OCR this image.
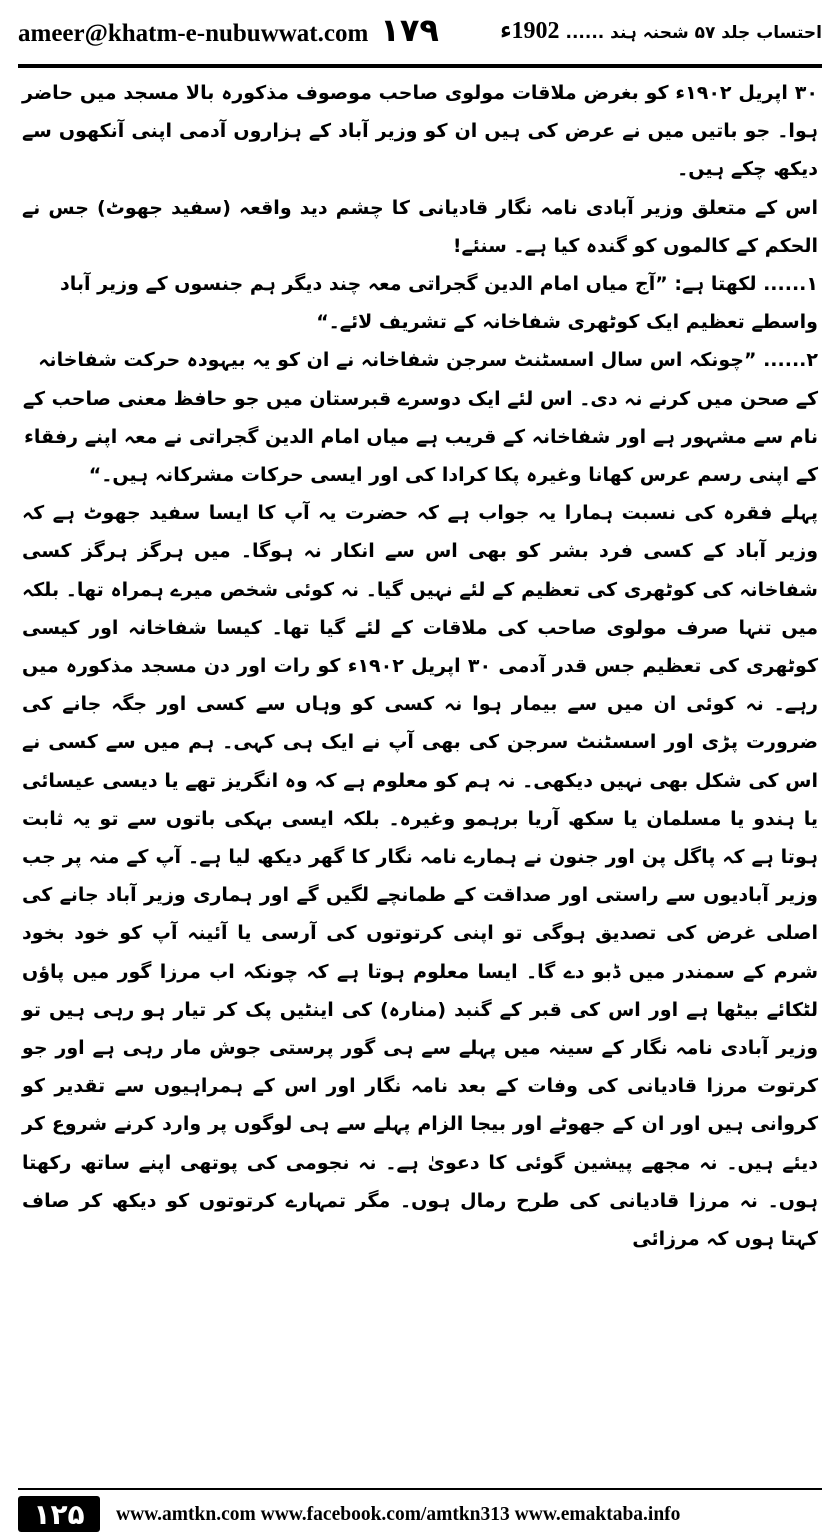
ameer@khatm-e-nubuwwat.com ۱۷۹	احتساب جلد ۵۷ شحنہ ہند ......
1902ء

۳۰ اپریل ۱۹۰۲ء کو بغرض ملاقات مولوی صاحب موصوف مذکورہ بالا مسجد میں حاضر ہوا۔ جو باتیں میں نے عرض کی ہیں ان کو وزیر آباد کے ہزاروں آدمی اپنی آنکھوں سے دیکھ چکے ہیں۔

اس کے متعلق وزیر آبادی نامہ نگار قادیانی کا چشم دید واقعہ (سفید جھوٹ) جس نے الحکم کے کالموں کو گندہ کیا ہے۔ سنئے!

۱...... لکھتا ہے: ”آج میاں امام الدین گجراتی معہ چند دیگر ہم جنسوں کے وزیر آباد واسطے تعظیم ایک کوٹھری شفاخانہ کے تشریف لائے۔“

۲...... ”چونکہ اس سال اسسٹنٹ سرجن شفاخانہ نے ان کو یہ بیہودہ حرکت شفاخانہ کے صحن میں کرنے نہ دی۔ اس لئے ایک دوسرے قبرستان میں جو حافظ معنی صاحب کے نام سے مشہور ہے اور شفاخانہ کے قریب ہے میاں امام الدین گجراتی نے معہ اپنے رفقاء کے اپنی رسم عرس کھانا وغیرہ پکا کرادا کی اور ایسی حرکات مشرکانہ ہیں۔“

پہلے فقرہ کی نسبت ہمارا یہ جواب ہے کہ حضرت یہ آپ کا ایسا سفید جھوٹ ہے کہ وزیر آباد کے کسی فرد بشر کو بھی اس سے انکار نہ ہوگا۔ میں ہرگز ہرگز کسی شفاخانہ کی کوٹھری کی تعظیم کے لئے نہیں گیا۔ نہ کوئی شخص میرے ہمراہ تھا۔ بلکہ میں تنہا صرف مولوی صاحب کی ملاقات کے لئے گیا تھا۔ کیسا شفاخانہ اور کیسی کوٹھری کی تعظیم جس قدر آدمی ۳۰ اپریل ۱۹۰۲ء کو رات اور دن مسجد مذکورہ میں رہے۔ نہ کوئی ان میں سے بیمار ہوا نہ کسی کو وہاں سے کسی اور جگہ جانے کی ضرورت پڑی اور اسسٹنٹ سرجن کی بھی آپ نے ایک ہی کہی۔ ہم میں سے کسی نے اس کی شکل بھی نہیں دیکھی۔ نہ ہم کو معلوم ہے کہ وہ انگریز تھے یا دیسی عیسائی یا ہندو یا مسلمان یا سکھ آریا برہمو وغیرہ۔ بلکہ ایسی بہکی باتوں سے تو یہ ثابت ہوتا ہے کہ پاگل پن اور جنون نے ہمارے نامہ نگار کا گھر دیکھ لیا ہے۔ آپ کے منہ پر جب وزیر آبادیوں سے راستی اور صداقت کے طمانچے لگیں گے اور ہماری وزیر آباد جانے کی اصلی غرض کی تصدیق ہوگی تو اپنی کرتوتوں کی آرسی یا آئینہ آپ کو خود بخود شرم کے سمندر میں ڈبو دے گا۔ ایسا معلوم ہوتا ہے کہ چونکہ اب مرزا گور میں پاؤں لٹکائے بیٹھا ہے اور اس کی قبر کے گنبد (منارہ) کی اینٹیں پک کر تیار ہو رہی ہیں تو وزیر آبادی نامہ نگار کے سینہ میں پہلے سے ہی گور پرستی جوش مار رہی ہے اور جو کرتوت مرزا قادیانی کی وفات کے بعد نامہ نگار اور اس کے ہمراہیوں سے تقدیر کو کروانی ہیں اور ان کے جھوٹے اور بیجا الزام پہلے سے ہی لوگوں پر وارد کرنے شروع کر دیئے ہیں۔ نہ مجھے پیشین گوئی کا دعویٰ ہے۔ نہ نجومی کی پوتھی اپنے ساتھ رکھتا ہوں۔ نہ مرزا قادیانی کی طرح رمال ہوں۔ مگر تمہارے کرتوتوں کو دیکھ کر صاف کہتا ہوں کہ مرزائی

۱۲۵	www.amtkn.com www.facebook.com/amtkn313 www.emaktaba.info
